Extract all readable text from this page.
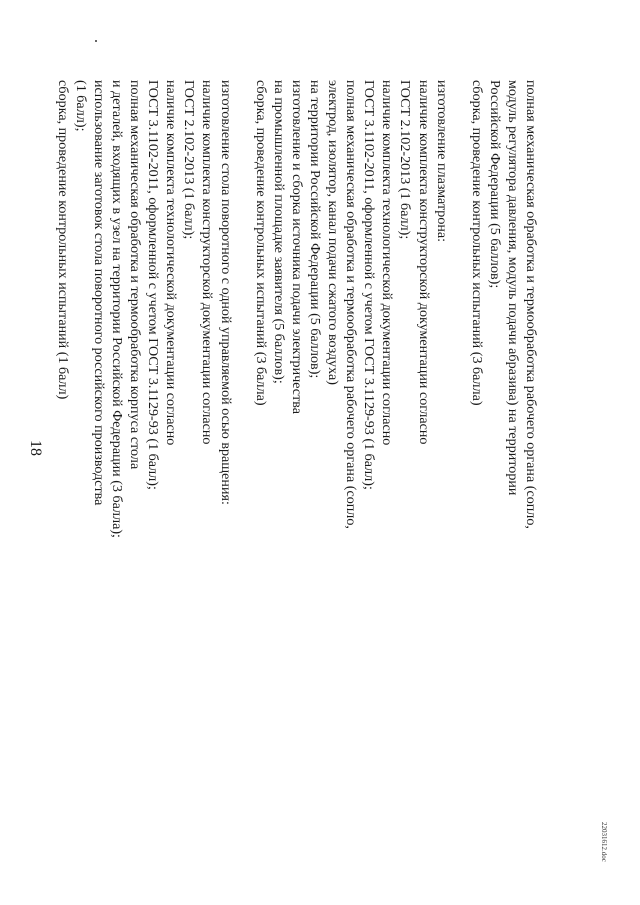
18	полная механическая обработка и термообработка рабочего органа (сопло,
модуль регулятора давления, модуль подачи абразива) на территории
Российской Федерации (5 баллов);
сборка, проведение контрольных испытаний (3 балла)
изготовление плазматрона:
наличие комплекта конструкторской документации согласно
ГОСТ 2.102-2013 (1 балл);
наличие комплекта технологической документации согласно
ГОСТ 3.1102-2011, оформленной с учетом ГОСТ 3.1129-93 (1 балл);
полная механическая обработка и термообработка рабочего органа (сопло,
электрод, изолятор, канал подачи сжатого воздуха)
на территории Российской Федерации (5 баллов);
изготовление и сборка источника подачи электричества
на промышленной площадке заявителя (5 баллов);
сборка, проведение контрольных испытаний (3 балла)
изготовление стола поворотного с одной управляемой осью вращения:
наличие комплекта конструкторской документации согласно
ГОСТ 2.102-2013 (1 балл);
наличие комплекта технологической документации согласно
ГОСТ 3.1102-2011, оформленной с учетом ГОСТ 3.1129-93 (1 балл);
полная механическая обработка и термообработка корпуса стола
и деталей, входящих в узел на территории Российской Федерации (3 балла);
использование заготовок стола поворотного российского производства
(1 балл);
сборка, проведение контрольных испытаний (1 балл)
22031612.doc
